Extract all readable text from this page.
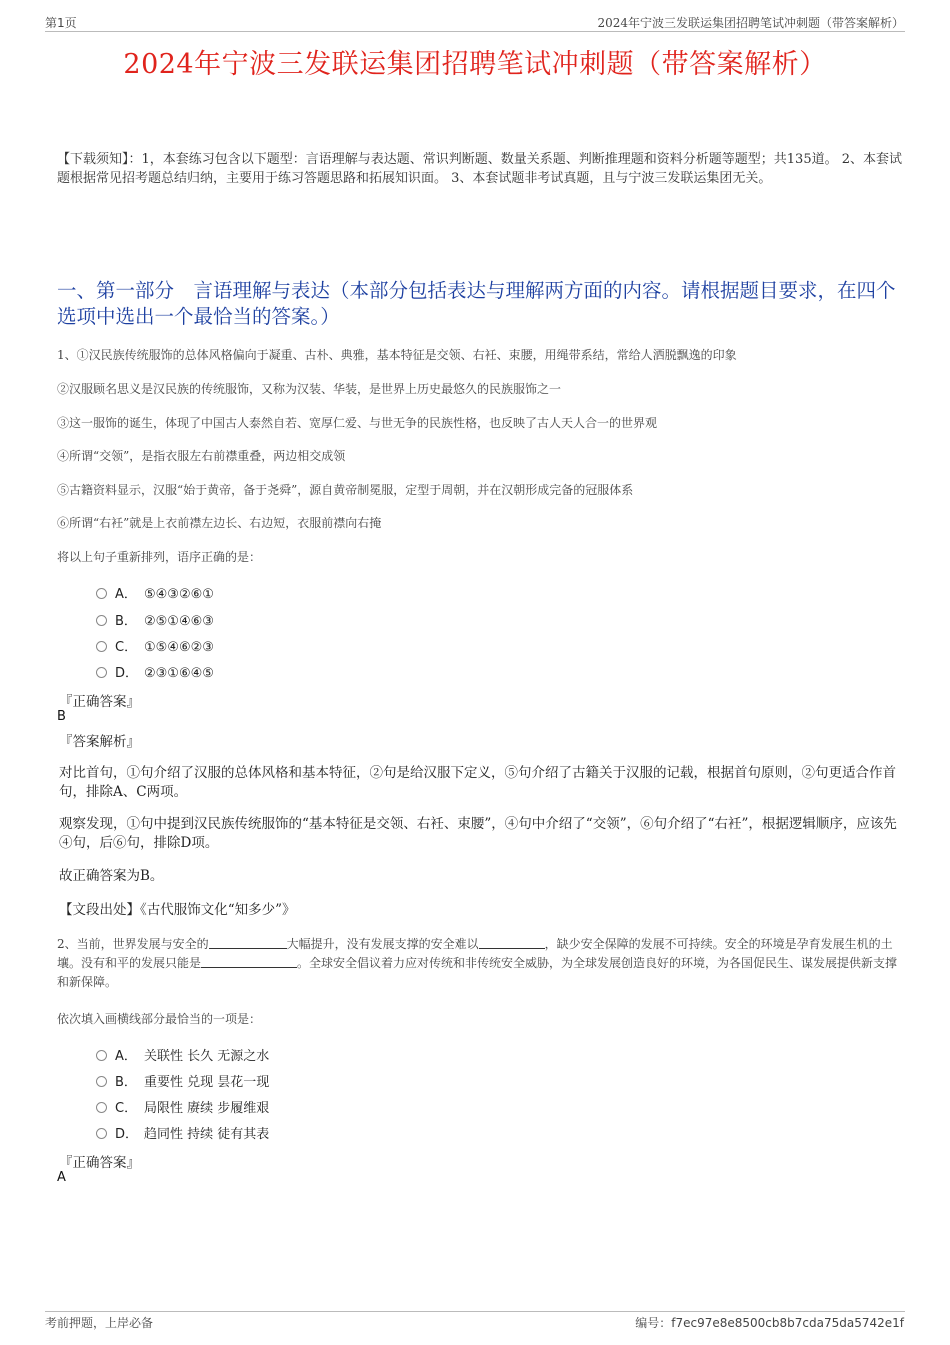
第1页	2024年宁波三发联运集团招聘笔试冲刺题（带答案解析）
2024年宁波三发联运集团招聘笔试冲刺题（带答案解析）
【下载须知】：1，本套练习包含以下题型：言语理解与表达题、常识判断题、数量关系题、判断推理题和资料分析题等题型；共135道。 2、本套试题根据常见招考题总结归纳，主要用于练习答题思路和拓展知识面。 3、本套试题非考试真题，且与宁波三发联运集团无关。
一、第一部分　言语理解与表达（本部分包括表达与理解两方面的内容。请根据题目要求，在四个选项中选出一个最恰当的答案。）
1、①汉民族传统服饰的总体风格偏向于凝重、古朴、典雅，基本特征是交领、右衽、束腰，用绳带系结，常给人洒脱飘逸的印象
②汉服顾名思义是汉民族的传统服饰，又称为汉装、华装，是世界上历史最悠久的民族服饰之一
③这一服饰的诞生，体现了中国古人泰然自若、宽厚仁爱、与世无争的民族性格，也反映了古人天人合一的世界观
④所谓“交领”，是指衣服左右前襟重叠，两边相交成领
⑤古籍资料显示，汉服“始于黄帝，备于尧舜”，源自黄帝制冕服，定型于周朝，并在汉朝形成完备的冠服体系
⑥所谓“右衽”就是上衣前襟左边长、右边短，衣服前襟向右掩
将以上句子重新排列，语序正确的是：
A． ⑤④③②⑥①
B． ②⑤①④⑥③
C． ①⑤④⑥②③
D． ②③①⑥④⑤
『正确答案』
B
『答案解析』
对比首句，①句介绍了汉服的总体风格和基本特征，②句是给汉服下定义，⑤句介绍了古籍关于汉服的记载，根据首句原则，②句更适合作首句，排除A、C两项。
观察发现，①句中提到汉民族传统服饰的“基本特征是交领、右衽、束腰”，④句中介绍了“交领”，⑥句介绍了“右衽”，根据逻辑顺序，应该先④句，后⑥句，排除D项。
故正确答案为B。
【文段出处】《古代服饰文化“知多少”》
2、当前，世界发展与安全的	大幅提升，没有发展支撑的安全难以	，缺少安全保障的发展不可持续。安全的环境是孕育发展生机的土壤。没有和平的发展只能是	。全球安全倡议着力应对传统和非传统安全威胁，为全球发展创造良好的环境，为各国促民生、谋发展提供新支撑和新保障。
依次填入画横线部分最恰当的一项是：
A． 关联性 长久 无源之水
B． 重要性 兑现 昙花一现
C． 局限性 赓续 步履维艰
D． 趋同性 持续 徒有其表
『正确答案』
A
考前押题，上岸必备	编号：f7ec97e8e8500cb8b7cda75da5742e1f
